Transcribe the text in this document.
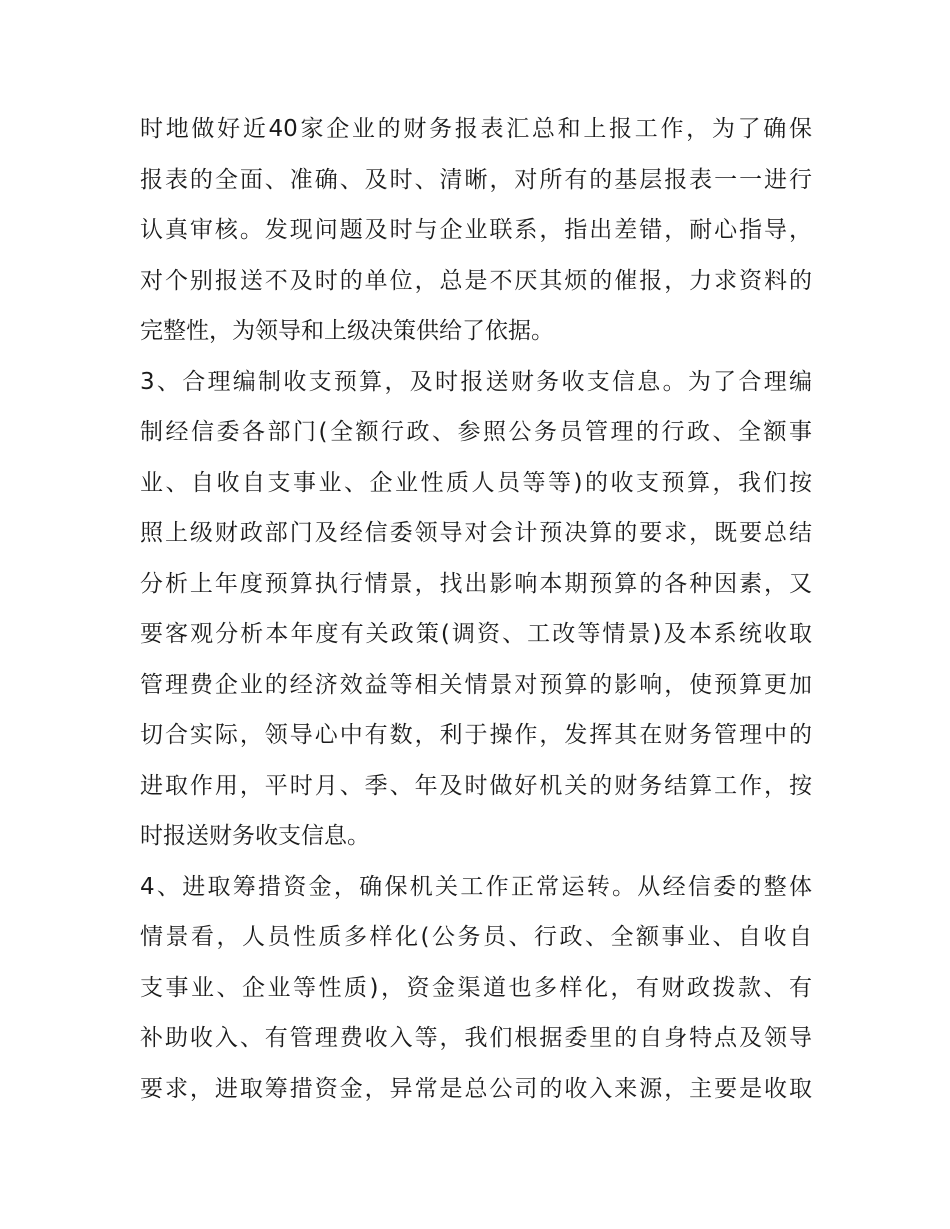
时地做好近40家企业的财务报表汇总和上报工作，为了确保
报表的全面、准确、及时、清晰，对所有的基层报表一一进行
认真审核。发现问题及时与企业联系，指出差错，耐心指导，
对个别报送不及时的单位，总是不厌其烦的催报，力求资料的
完整性，为领导和上级决策供给了依据。
3、合理编制收支预算，及时报送财务收支信息。为了合理编
制经信委各部门(全额行政、参照公务员管理的行政、全额事
业、自收自支事业、企业性质人员等等)的收支预算，我们按
照上级财政部门及经信委领导对会计预决算的要求，既要总结
分析上年度预算执行情景，找出影响本期预算的各种因素，又
要客观分析本年度有关政策(调资、工改等情景)及本系统收取
管理费企业的经济效益等相关情景对预算的影响，使预算更加
切合实际，领导心中有数，利于操作，发挥其在财务管理中的
进取作用，平时月、季、年及时做好机关的财务结算工作，按
时报送财务收支信息。
4、进取筹措资金，确保机关工作正常运转。从经信委的整体
情景看，人员性质多样化(公务员、行政、全额事业、自收自
支事业、企业等性质)，资金渠道也多样化，有财政拨款、有
补助收入、有管理费收入等，我们根据委里的自身特点及领导
要求，进取筹措资金，异常是总公司的收入来源，主要是收取
